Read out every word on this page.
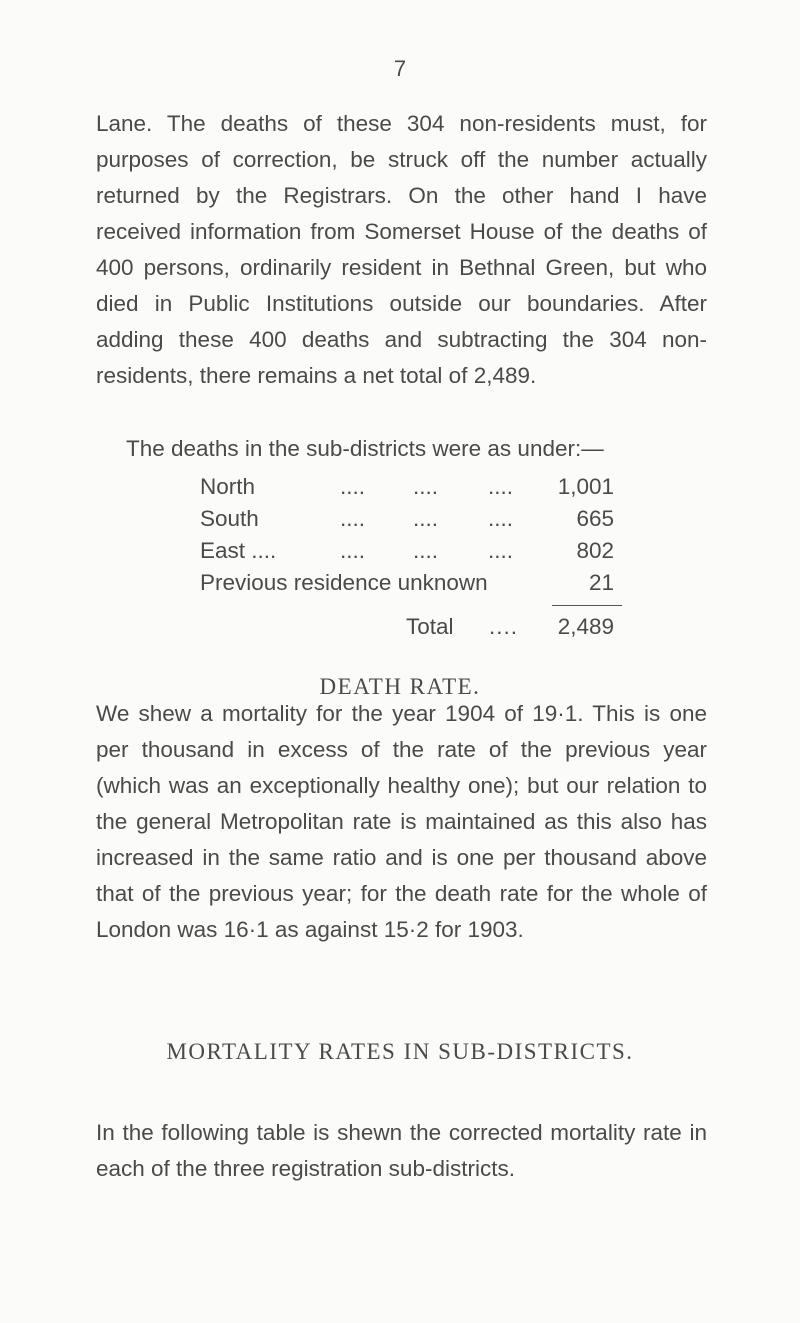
7
Lane. The deaths of these 304 non-residents must, for purposes of correction, be struck off the number actually returned by the Registrars. On the other hand I have received information from Somerset House of the deaths of 400 persons, ordinarily resident in Bethnal Green, but who died in Public Institutions outside our boundaries. After adding these 400 deaths and subtracting the 304 non-residents, there remains a net total of 2,489.
The deaths in the sub-districts were as under:—
North	.... .... .... 1,001
South	.... .... ....	665
East ....	.... .... ....	802
Previous residence unknown	21
Total .... 2,489
DEATH RATE.
We shew a mortality for the year 1904 of 19·1. This is one per thousand in excess of the rate of the previous year (which was an exceptionally healthy one); but our relation to the general Metropolitan rate is maintained as this also has increased in the same ratio and is one per thousand above that of the previous year; for the death rate for the whole of London was 16·1 as against 15·2 for 1903.
MORTALITY RATES IN SUB-DISTRICTS.
In the following table is shewn the corrected mortality rate in each of the three registration sub-districts.
